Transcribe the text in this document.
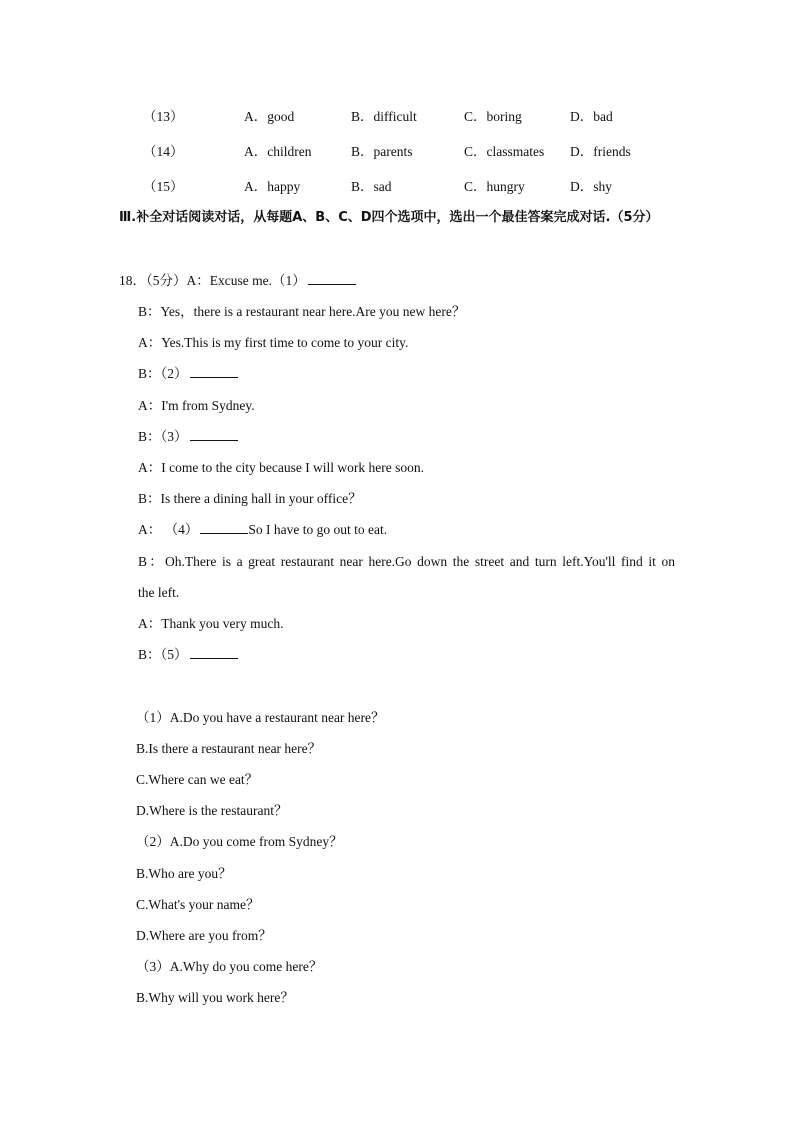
（13）	A．good	B．difficult	C．boring	D．bad
（14）	A．children	B．parents	C．classmates D．friends
（15）	A．happy	B．sad	C．hungry	D．shy
Ⅲ.补全对话阅读对话，从每题A、B、C、D四个选项中，选出一个最佳答案完成对话.（5分）
18．（5分）A：Excuse me.（1）
B：Yes，there is a restaurant near here.Are you new here？
A：Yes.This is my first time to come to your city.
B：（2）
A：I'm from Sydney.
B：（3）
A：I come to the city because I will work here soon.
B：Is there a dining hall in your office？
A： （4）	So I have to go out to eat.
B：Oh.There is a great restaurant near here.Go down the street and turn left.You'll find it on
the left.
A：Thank you very much.
B：（5）
（1）A.Do you have a restaurant near here？
B.Is there a restaurant near here？
C.Where can we eat？
D.Where is the restaurant？
（2）A.Do you come from Sydney？
B.Who are you？
C.What's your name？
D.Where are you from？
（3）A.Why do you come here？
B.Why will you work here？
